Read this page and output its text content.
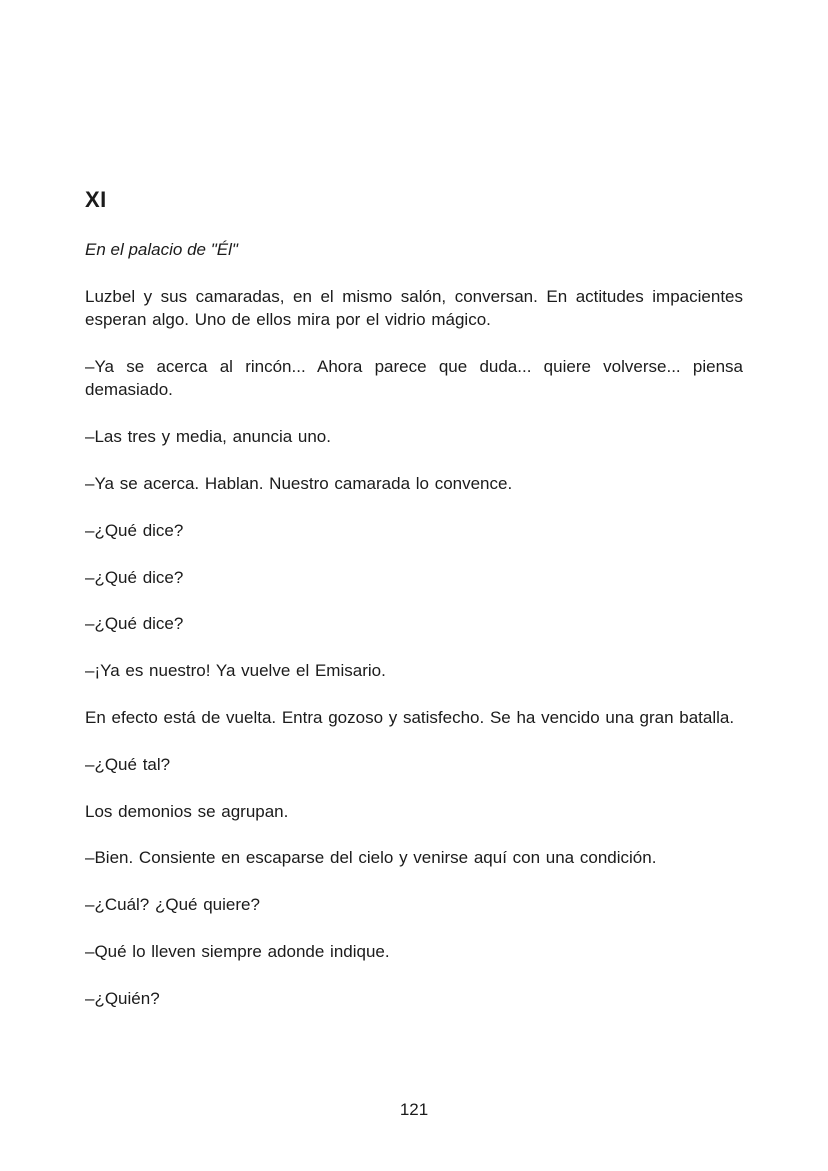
XI

En el palacio de "Él"

Luzbel y sus camaradas, en el mismo salón, conversan. En actitudes impacientes esperan algo. Uno de ellos mira por el vidrio mágico.

–Ya se acerca al rincón... Ahora parece que duda... quiere volverse... piensa demasiado.

–Las tres y media, anuncia uno.

–Ya se acerca. Hablan. Nuestro camarada lo convence.

–¿Qué dice?

–¿Qué dice?

–¿Qué dice?

–¡Ya es nuestro! Ya vuelve el Emisario.

En efecto está de vuelta. Entra gozoso y satisfecho. Se ha vencido una gran batalla.

–¿Qué tal?

Los demonios se agrupan.

–Bien. Consiente en escaparse del cielo y venirse aquí con una condición.

–¿Cuál? ¿Qué quiere?

–Qué lo lleven siempre adonde indique.

–¿Quién?

121
